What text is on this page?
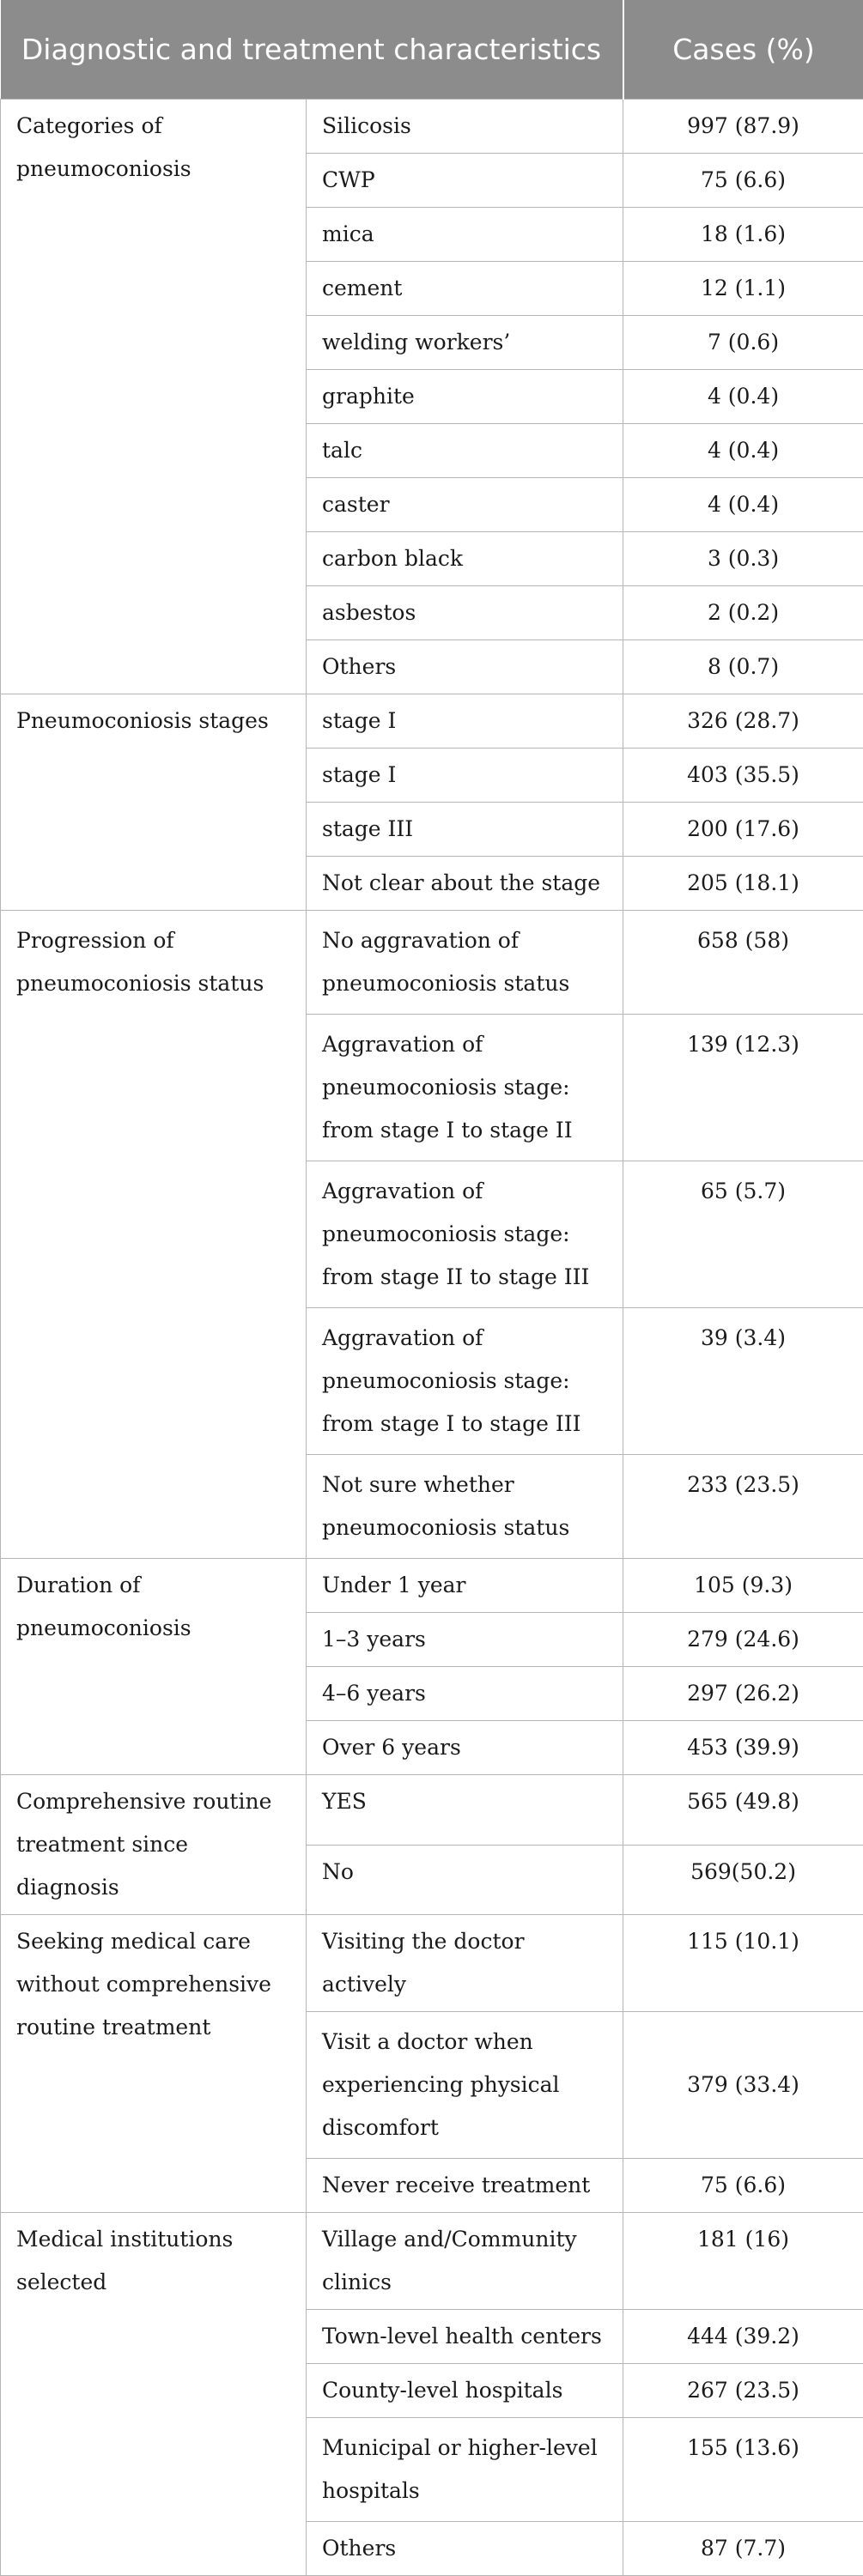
Diagnostic and treatment characteristics		Cases (%)
Categories of pneumoconiosis	Silicosis	997 (87.9)
	CWP	75 (6.6)
	mica	18 (1.6)
	cement	12 (1.1)
	welding workers’	7 (0.6)
	graphite	4 (0.4)
	talc	4 (0.4)
	caster	4 (0.4)
	carbon black	3 (0.3)
	asbestos	2 (0.2)
	Others	8 (0.7)
Pneumoconiosis stages	stage I	326 (28.7)
	stage I	403 (35.5)
	stage III	200 (17.6)
	Not clear about the stage	205 (18.1)
Progression of pneumoconiosis status	No aggravation of pneumoconiosis status	658 (58)
	Aggravation of pneumoconiosis stage: from stage I to stage II	139 (12.3)
	Aggravation of pneumoconiosis stage: from stage II to stage III	65 (5.7)
	Aggravation of pneumoconiosis stage: from stage I to stage III	39 (3.4)
	Not sure whether pneumoconiosis status	233 (23.5)
Duration of pneumoconiosis	Under 1 year	105 (9.3)
	1–3 years	279 (24.6)
	4–6 years	297 (26.2)
	Over 6 years	453 (39.9)
Comprehensive routine treatment since diagnosis	YES	565 (49.8)
	No	569(50.2)
Seeking medical care without comprehensive routine treatment	Visiting the doctor actively	115 (10.1)
	Visit a doctor when experiencing physical discomfort	379 (33.4)
	Never receive treatment	75 (6.6)
Medical institutions selected	Village and/Community clinics	181 (16)
	Town-level health centers	444 (39.2)
	County-level hospitals	267 (23.5)
	Municipal or higher-level hospitals	155 (13.6)
	Others	87 (7.7)
